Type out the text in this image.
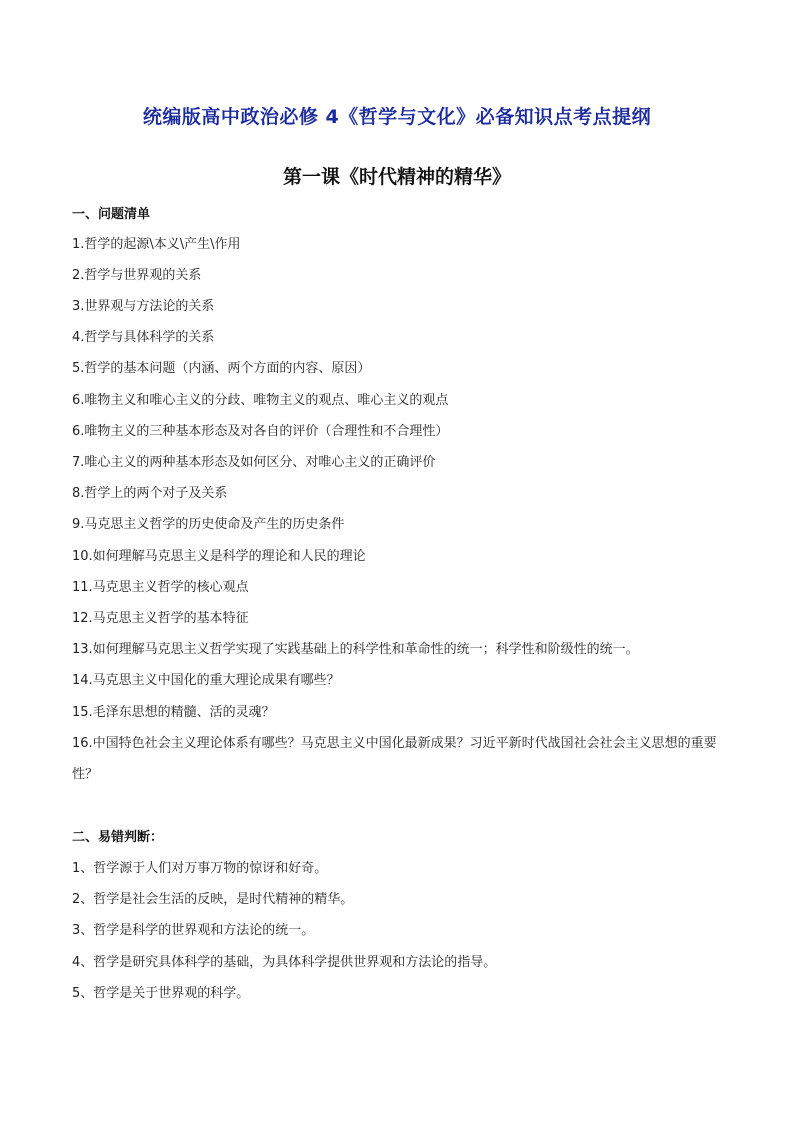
统编版高中政治必修 4《哲学与文化》必备知识点考点提纲
第一课《时代精神的精华》
一、问题清单
1.哲学的起源\本义\产生\作用
2.哲学与世界观的关系
3.世界观与方法论的关系
4.哲学与具体科学的关系
5.哲学的基本问题（内涵、两个方面的内容、原因）
6.唯物主义和唯心主义的分歧、唯物主义的观点、唯心主义的观点
6.唯物主义的三种基本形态及对各自的评价（合理性和不合理性）
7.唯心主义的两种基本形态及如何区分、对唯心主义的正确评价
8.哲学上的两个对子及关系
9.马克思主义哲学的历史使命及产生的历史条件
10.如何理解马克思主义是科学的理论和人民的理论
11.马克思主义哲学的核心观点
12.马克思主义哲学的基本特征
13.如何理解马克思主义哲学实现了实践基础上的科学性和革命性的统一；科学性和阶级性的统一。
14.马克思主义中国化的重大理论成果有哪些？
15.毛泽东思想的精髓、活的灵魂？
16.中国特色社会主义理论体系有哪些？马克思主义中国化最新成果？习近平新时代战国社会社会主义思想的重要性？
二、易错判断：
1、哲学源于人们对万事万物的惊讶和好奇。
2、哲学是社会生活的反映，是时代精神的精华。
3、哲学是科学的世界观和方法论的统一。
4、哲学是研究具体科学的基础，为具体科学提供世界观和方法论的指导。
5、哲学是关于世界观的科学。
